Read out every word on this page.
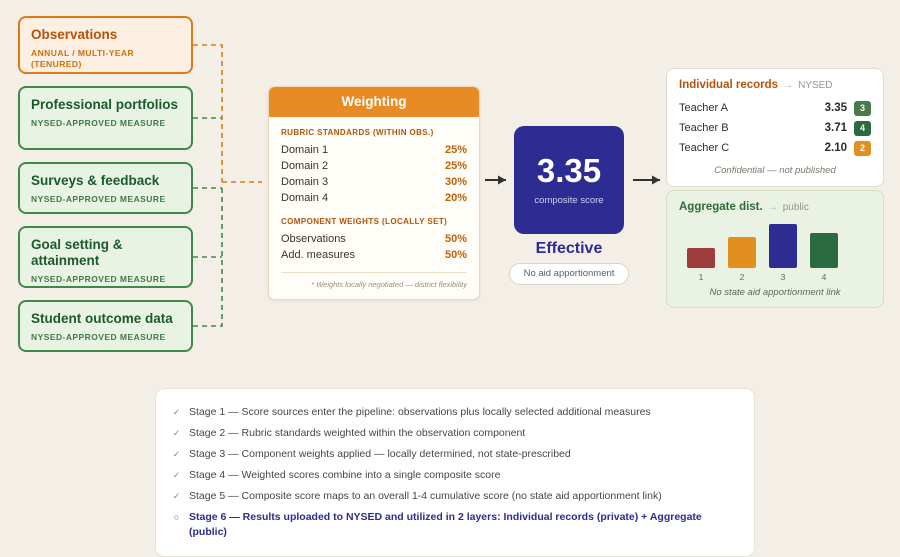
Observations
ANNUAL / MULTI-YEAR (TENURED)
Professional portfolios
NYSED-APPROVED MEASURE
Surveys & feedback
NYSED-APPROVED MEASURE
Goal setting & attainment
NYSED-APPROVED MEASURE
Student outcome data
NYSED-APPROVED MEASURE
Weighting
RUBRIC STANDARDS (WITHIN OBS.)
Domain 1	25%
Domain 2	25%
Domain 3	30%
Domain 4	20%
COMPONENT WEIGHTS (LOCALLY SET)
Observations	50%
Add. measures	50%
* Weights locally negotiated — district flexibility
3.35
composite score
Effective
No aid apportionment
Individual records → NYSED
Teacher A	3.35	3
Teacher B	3.71	4
Teacher C	2.10	2
Confidential — not published
Aggregate dist. → public
1	2	3	4
No state aid apportionment link
✓ Stage 1 — Score sources enter the pipeline: observations plus locally selected additional measures
✓ Stage 2 — Rubric standards weighted within the observation component
✓ Stage 3 — Component weights applied — locally determined, not state-prescribed
✓ Stage 4 — Weighted scores combine into a single composite score
✓ Stage 5 — Composite score maps to an overall 1-4 cumulative score (no state aid apportionment link)
○ Stage 6 — Results uploaded to NYSED and utilized in 2 layers: Individual records (private) + Aggregate (public)
